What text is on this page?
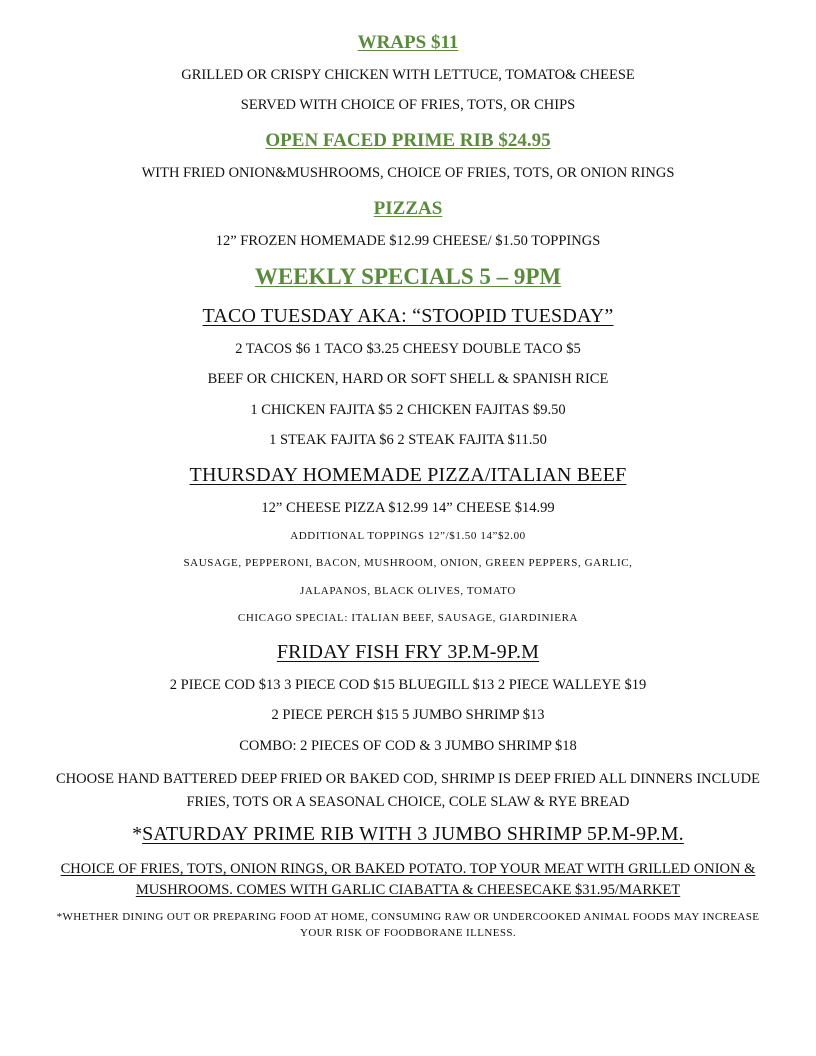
WRAPS $11
GRILLED OR CRISPY CHICKEN WITH LETTUCE, TOMATO& CHEESE
SERVED WITH CHOICE OF FRIES, TOTS, OR CHIPS
OPEN FACED PRIME RIB $24.95
WITH FRIED ONION&MUSHROOMS, CHOICE OF FRIES, TOTS, OR ONION RINGS
PIZZAS
12” FROZEN HOMEMADE $12.99 CHEESE/ $1.50 TOPPINGS
WEEKLY SPECIALS 5 – 9PM
TACO TUESDAY AKA: “STOOPID TUESDAY”
2 TACOS $6 1 TACO $3.25 CHEESY DOUBLE TACO $5
BEEF OR CHICKEN, HARD OR SOFT SHELL & SPANISH RICE
1 CHICKEN FAJITA $5 2 CHICKEN FAJITAS $9.50
1 STEAK FAJITA $6 2 STEAK FAJITA $11.50
THURSDAY HOMEMADE PIZZA/ITALIAN BEEF
12” CHEESE PIZZA $12.99 14” CHEESE $14.99
ADDITIONAL TOPPINGS 12”/$1.50 14”$2.00
SAUSAGE, PEPPERONI, BACON, MUSHROOM, ONION, GREEN PEPPERS, GARLIC,
JALAPANOS, BLACK OLIVES, TOMATO
CHICAGO SPECIAL: ITALIAN BEEF, SAUSAGE, GIARDINIERA
FRIDAY FISH FRY 3P.M-9P.M
2 PIECE COD $13 3 PIECE COD $15 BLUEGILL $13 2 PIECE WALLEYE $19
2 PIECE PERCH $15 5 JUMBO SHRIMP $13
COMBO: 2 PIECES OF COD & 3 JUMBO SHRIMP $18
CHOOSE HAND BATTERED DEEP FRIED OR BAKED COD, SHRIMP IS DEEP FRIED ALL DINNERS INCLUDE FRIES, TOTS OR A SEASONAL CHOICE, COLE SLAW & RYE BREAD
*SATURDAY PRIME RIB WITH 3 JUMBO SHRIMP 5P.M-9P.M.
CHOICE OF FRIES, TOTS, ONION RINGS, OR BAKED POTATO. TOP YOUR MEAT WITH GRILLED ONION & MUSHROOMS. COMES WITH GARLIC CIABATTA & CHEESECAKE $31.95/MARKET
*WHETHER DINING OUT OR PREPARING FOOD AT HOME, CONSUMING RAW OR UNDERCOOKED ANIMAL FOODS MAY INCREASE YOUR RISK OF FOODBORANE ILLNESS.
